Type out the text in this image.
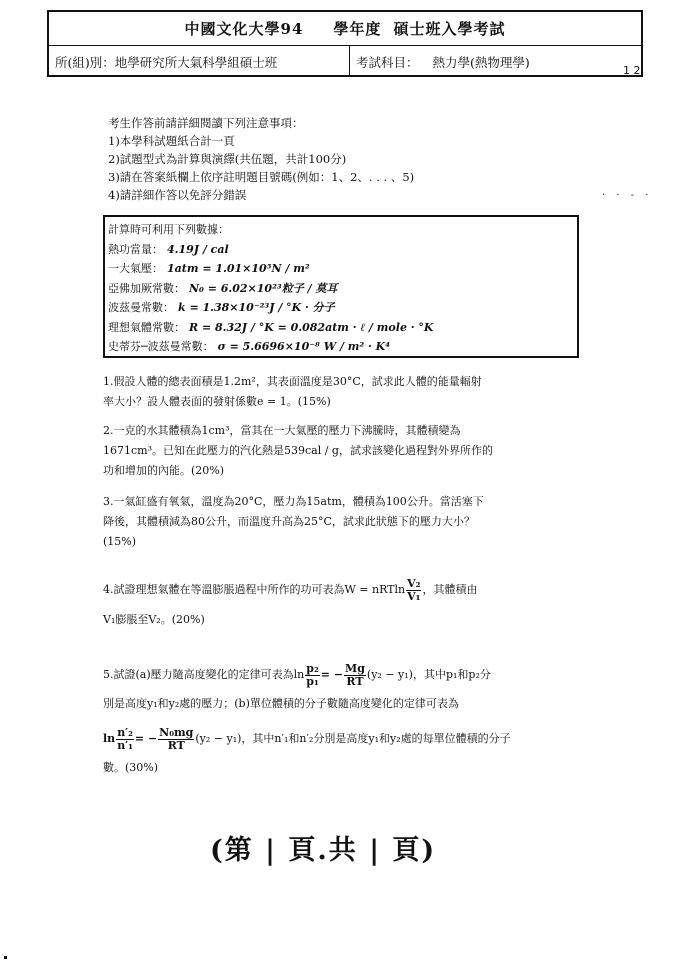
中國文化大學94 學年度 碩士班入學考試
所(組)別：地學研究所大氣科學組碩士班	考試科目： 熱力學(熱物理學)
1 2
· · - ·
考生作答前請詳細閱讀下列注意事項：
1)本學科試題紙合計一頁
2)試題型式為計算與演繹(共伍題，共計100分)
3)請在答案紙欄上依序註明題目號碼(例如：1、2、. . . 、5)
4)請詳細作答以免評分錯誤
計算時可利用下列數據：
熱功當量： 4.19J / cal
一大氣壓： 1atm = 1.01×10⁵N / m²
亞佛加厥常數： N₀ = 6.02×10²³粒子 / 莫耳
波茲曼常數： k = 1.38×10⁻²³J / °K · 分子
理想氣體常數： R = 8.32J / °K = 0.082atm · ℓ / mole · °K
史蒂芬─波茲曼常數： σ = 5.6696×10⁻⁸ W / m² · K⁴
1.假設人體的總表面積是1.2m²，其表面溫度是30°C，試求此人體的能量輻射
率大小？設人體表面的發射係數e = 1。(15%)
2.一克的水其體積為1cm³，當其在一大氣壓的壓力下沸騰時，其體積變為
1671cm³。已知在此壓力的汽化熱是539cal / g，試求該變化過程對外界所作的
功和增加的內能。(20%)
3.一氣缸盛有氧氣，溫度為20°C，壓力為15atm，體積為100公升。當活塞下
降後，其體積減為80公升，而溫度升高為25°C，試求此狀態下的壓力大小？
(15%)
4.試證理想氣體在等溫膨脹過程中所作的功可表為W = nRTln $\frac{\text{V₂}}{\text{V₁}}$ ，其體積由
V₁膨脹至V₂。(20%)
5.試證(a)壓力隨高度變化的定律可表為$\ln \frac{\text{p₂}}{\text{p₁}}$ = − $\frac{Mg}{RT} (y_2 - y_1)$，其中p₁和p₂分
別是高度y₁和y₂處的壓力；(b)單位體積的分子數隨高度變化的定律可表為
$\ln \frac{\text{n′₂}}{\text{n′₁}}$ = − $\frac{\text{N₀mg}}{RT} (y_2 - y_1)$，其中n′₁和n′₂分別是高度y₁和y₂處的每單位體積的分子
數。(30%)
(第 | 頁.共 | 頁)
